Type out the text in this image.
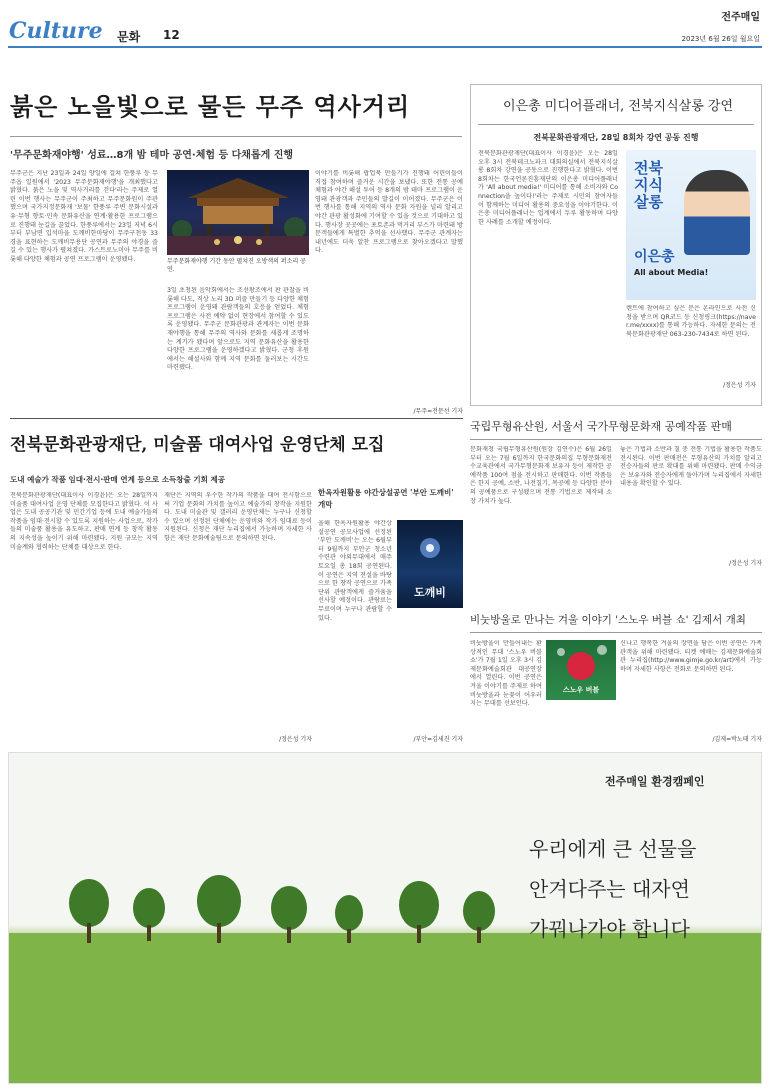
Culture 문화 12
전주매일
2023년 6월 26일 월요일
붉은 노을빛으로 물든 무주 역사거리
'무주문화재야행' 성료…8개 밤 테마 공연·체험 등 다채롭게 진행
무주군은 지난 23일과 24일 양일에 걸쳐 한풍루 등 무주읍 일원에서 '2023 무주문화재야행'을 개최했다고 밝혔다. 붉은 노을 및 역사거리를 걷다'라는 주제로 열린 이번 행사는 무주군이 주최하고 무주문화원이 주관했으며 국가지정문화재 '보물' 한풍루 주변 문화시설과 유·무형 향토·민속 문화유산을 연계·활용한 프로그램으로 진행돼 눈길을 끌었다. 한풍루에서는 23일 저녁 6시부터 부남면 입석마을 도깨비한마당이 무주구천동 33경을 표현하는 도깨비무용단 공연과 무주의 야경을 즐길 수 있는 행사가 펼쳐졌다. 가스트로노미아 무주를 비롯해 다양한 체험과 공연 프로그램이 운영됐다.	무주문화재야행 기간 동안 펼쳐진 오방색의 퍼소리 공연.
3일 초청된 음악회에서는 조선왕조에서 판 관찰을 비롯해 다도, 직상 노리 3D 퍼즐 만들기 등 다양한 체험 프로그램이 운영돼 관람객들의 호응을 얻었다. 체험 프로그램은 사전 예약 없이 현장에서 참여할 수 있도록 운영됐다. 무주군 문화관광과 관계자는 이번 문화재야행을 통해 무주의 역사와 문화를 새롭게 조명하는 계기가 됐다며 앞으로도 지역 문화유산을 활용한 다양한 프로그램을 운영하겠다고 밝혔다. 군청 후원에서는 해설사와 함께 지역 문화를 둘러보는 시간도 마련됐다.
이야기를 비롯해 팝업북 만들기가 진행돼 어린이들이 직접 참여하며 즐거운 시간을 보냈다. 또한 전통 공예 체험과 야간 해설 투어 등 8개의 밤 테마 프로그램이 운영돼 관광객과 주민들의 발길이 이어졌다. 무주군은 이번 행사를 통해 지역의 역사 문화 자원을 널리 알리고 야간 관광 활성화에 기여할 수 있을 것으로 기대하고 있다. 행사장 곳곳에는 포토존과 먹거리 부스가 마련돼 방문객들에게 특별한 추억을 선사했다. 무주군 관계자는 내년에도 더욱 알찬 프로그램으로 찾아오겠다고 말했다.
/무주=전문선 기자
이은총 미디어플래너, 전북지식살롱 강연
전북문화관광재단, 28일 8회차 강연 공동 진행
전북문화관광재단(대표이사 이경윤)은 오는 28일 오후 3시 전북테크노파크 대회의실에서 전북지식살롱 8회차 강연을 공동으로 진행한다고 밝혔다. 이번 8회차는 한국언론진흥재단의 이은총 미디어플래너가 'All about media!' 미디어를 통해 소비자와 Connection을 높이다!'라는 주제로 시민의 참여자들이 함께하는 미디어 활용의 중요성을 이야기한다. 이은총 미디어플래너는 업계에서 두루 활동하며 다양한 사례를 소개할 예정이다.
전북 지식 살롱
이은총
All about Media!
렌트에 참여하고 싶은 분은 온라인으로 사전 신청을 받으며 QR코드 등 신청링크(https://naver.me/xxxx)를 통해 가능하다. 자세한 문의는 전북문화관광재단 063-230-7434로 하면 된다.
/정은성 기자
국립무형유산원, 서울서 국가무형문화재 공예작품 판매
문화재청 국립무형유산원(원장 김연수)은 6월 26일부터 오는 7월 6일까지 한국문화의집 무형문화재전수교육관에서 국가무형문화재 보유자 등이 제작한 공예작품 100여 점을 전시하고 판매한다. 이번 작품들은 한지 공예, 소반, 나전칠기, 목공예 등 다양한 분야의 공예품으로 구성됐으며 전통 기법으로 제작돼 소장 가치가 높다.
놓은 기법과 소반과 칠 중 전통 기법을 활용한 작품도 전시된다. 이번 판매전은 무형유산의 가치를 알리고 전승자들의 판로 확대를 위해 마련됐다. 판매 수익금은 보유자와 전승자에게 돌아가며 누리집에서 자세한 내용을 확인할 수 있다.
/정은성 기자
전북문화관광재단, 미술품 대여사업 운영단체 모집
도내 예술가 작품 임대·전시·판매 연계 등으로 소득창출 기회 제공
전북문화관광재단(대표이사 이경윤)은 오는 28일까지 미술품 대여사업 운영 단체를 모집한다고 밝혔다. 이 사업은 도내 공공기관 및 민간기업 등에 도내 예술가들의 작품을 임대·전시할 수 있도록 지원하는 사업으로, 작가들의 미술품 활용을 유도하고, 판매 연계 등 창작 활동의 지속성을 높이기 위해 마련됐다. 지원 규모는 지역 미술계와 협력하는 단체를 대상으로 한다.
재단은 지역의 우수한 작가의 작품을 대여 전시함으로써 기업 문화의 가치를 높이고 예술가의 창작을 지원한다. 도내 미술관 및 갤러리 운영단체는 누구나 신청할 수 있으며 선정된 단체에는 운영비와 작가 임대료 등이 지원된다. 신청은 재단 누리집에서 가능하며 자세한 사항은 재단 문화예술팀으로 문의하면 된다.
/정은성 기자
한옥자원활용 야간상설공연 '부안 도깨비' 개막
도깨비
올해 한옥자원활용 야간상설공연 공모사업에 선정된 '부안 도깨비'는 오는 6월부터 9월까지 부안군 청소년수련관 야외무대에서 매주 토요일 총 18회 공연된다. 이 공연은 지역 전설을 바탕으로 한 창작 공연으로 가족 단위 관람객에게 즐거움을 선사할 예정이다. 관람료는 무료이며 누구나 관람할 수 있다.
/부안=김세진 기자
비눗방울로 만나는 겨울 이야기 '스노우 버블 쇼' 김제서 개최
비눗방울이 만들어내는 환상적인 무대 '스노우 버블 쇼'가 7월 1일 오후 3시 김제문화예술회관 대공연장에서 열린다. 이번 공연은 겨울 이야기를 주제로 하여 비눗방울과 눈꽃이 어우러지는 무대를 선보인다.
스노우 버블
신나고 행복한 겨울의 장면을 담은 이번 공연은 가족 관객을 위해 마련됐다. 티켓 예매는 김제문화예술회관 누리집(http://www.gimje.go.kr/art)에서 가능하며 자세한 사항은 전화로 문의하면 된다.
/김제=박노태 기자
전주매일 환경캠페인
우리에게 큰 선물을
안겨다주는 대자연
가꿔나가야 합니다
